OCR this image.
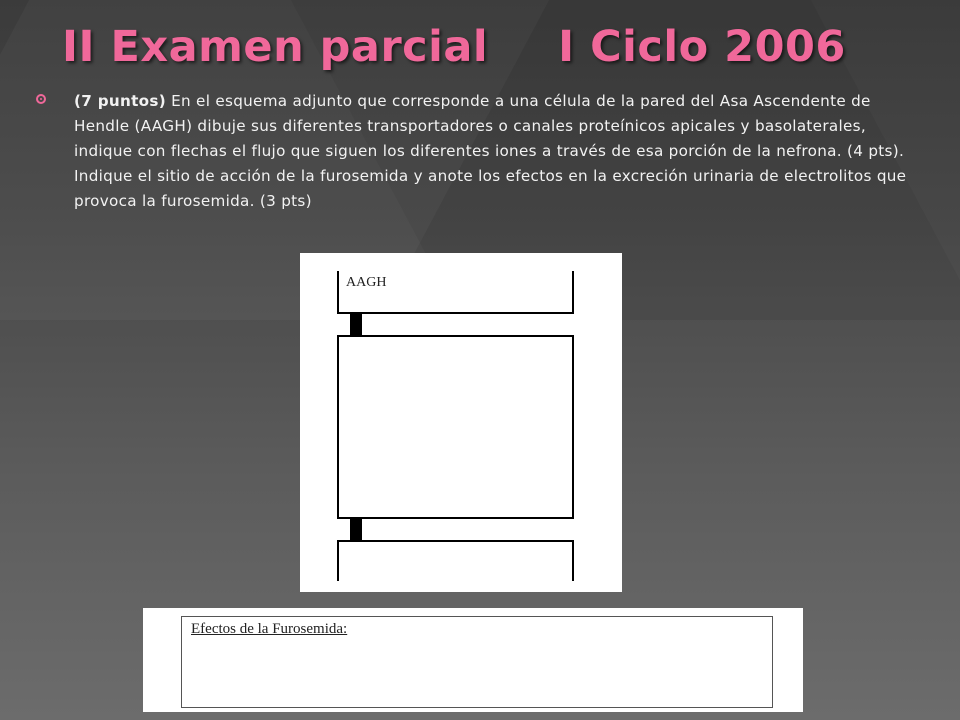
II Examen parcial I Ciclo 2006

(7 puntos) En el esquema adjunto que corresponde a una célula de la pared del Asa Ascendente de Hendle (AAGH) dibuje sus diferentes transportadores o canales proteínicos apicales y basolaterales, indique con flechas el flujo que siguen los diferentes iones a través de esa porción de la nefrona. (4 pts). Indique el sitio de acción de la furosemida y anote los efectos en la excreción urinaria de electrolitos que provoca la furosemida. (3 pts)

AAGH
Efectos de la Furosemida:
